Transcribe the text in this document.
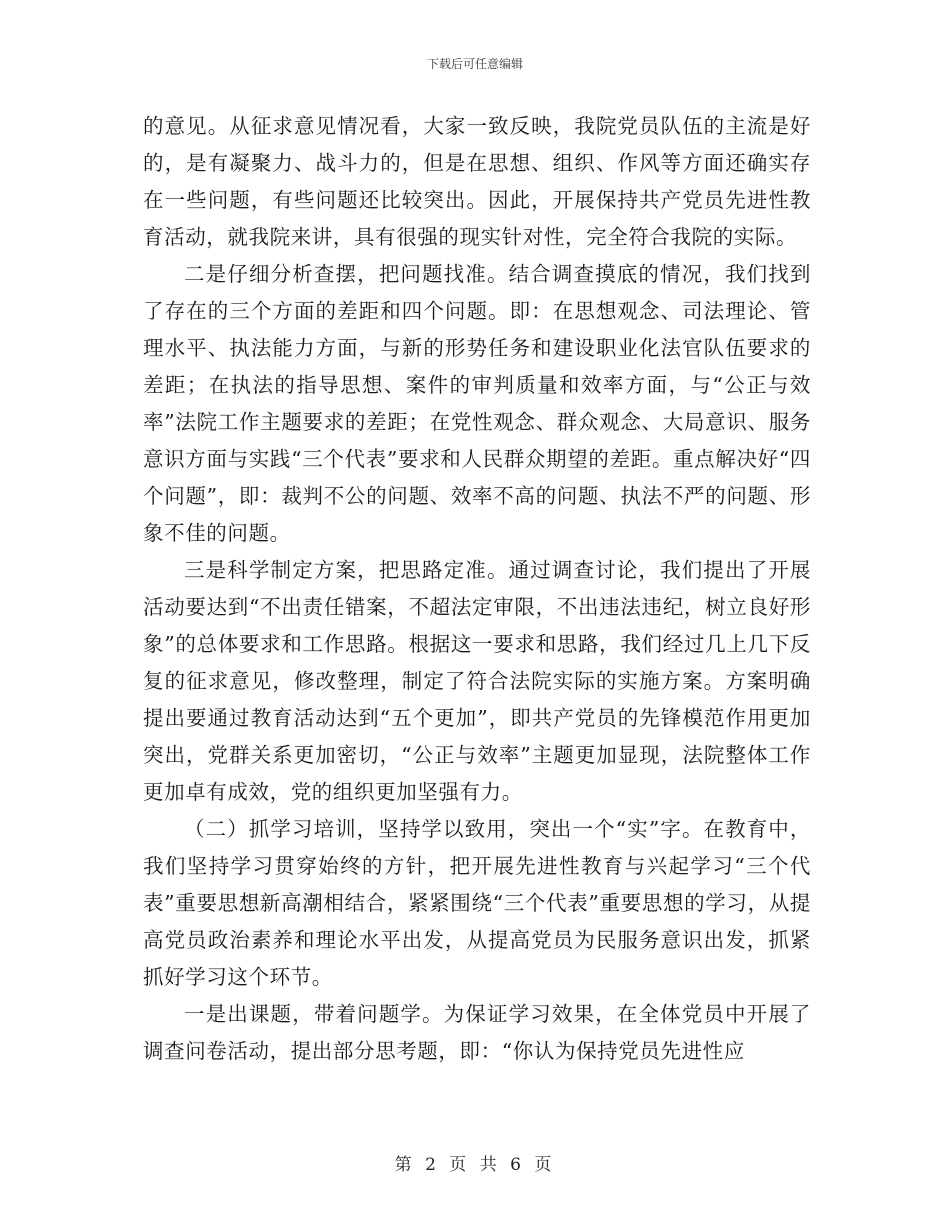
下载后可任意编辑

的意见。从征求意见情况看，大家一致反映，我院党员队伍的主流是好的，是有凝聚力、战斗力的，但是在思想、组织、作风等方面还确实存在一些问题，有些问题还比较突出。因此，开展保持共产党员先进性教育活动，就我院来讲，具有很强的现实针对性，完全符合我院的实际。

二是仔细分析查摆，把问题找准。结合调查摸底的情况，我们找到了存在的三个方面的差距和四个问题。即：在思想观念、司法理论、管理水平、执法能力方面，与新的形势任务和建设职业化法官队伍要求的差距；在执法的指导思想、案件的审判质量和效率方面，与“公正与效率”法院工作主题要求的差距；在党性观念、群众观念、大局意识、服务意识方面与实践“三个代表”要求和人民群众期望的差距。重点解决好“四个问题”，即：裁判不公的问题、效率不高的问题、执法不严的问题、形象不佳的问题。

三是科学制定方案，把思路定准。通过调查讨论，我们提出了开展活动要达到“不出责任错案，不超法定审限，不出违法违纪，树立良好形象”的总体要求和工作思路。根据这一要求和思路，我们经过几上几下反复的征求意见，修改整理，制定了符合法院实际的实施方案。方案明确提出要通过教育活动达到“五个更加”，即共产党员的先锋模范作用更加突出，党群关系更加密切，“公正与效率”主题更加显现，法院整体工作更加卓有成效，党的组织更加坚强有力。

（二）抓学习培训，坚持学以致用，突出一个“实”字。在教育中，我们坚持学习贯穿始终的方针，把开展先进性教育与兴起学习“三个代表”重要思想新高潮相结合，紧紧围绕“三个代表”重要思想的学习，从提高党员政治素养和理论水平出发，从提高党员为民服务意识出发，抓紧抓好学习这个环节。

一是出课题，带着问题学。为保证学习效果，在全体党员中开展了调查问卷活动，提出部分思考题，即：“你认为保持党员先进性应

第 2 页 共 6 页
